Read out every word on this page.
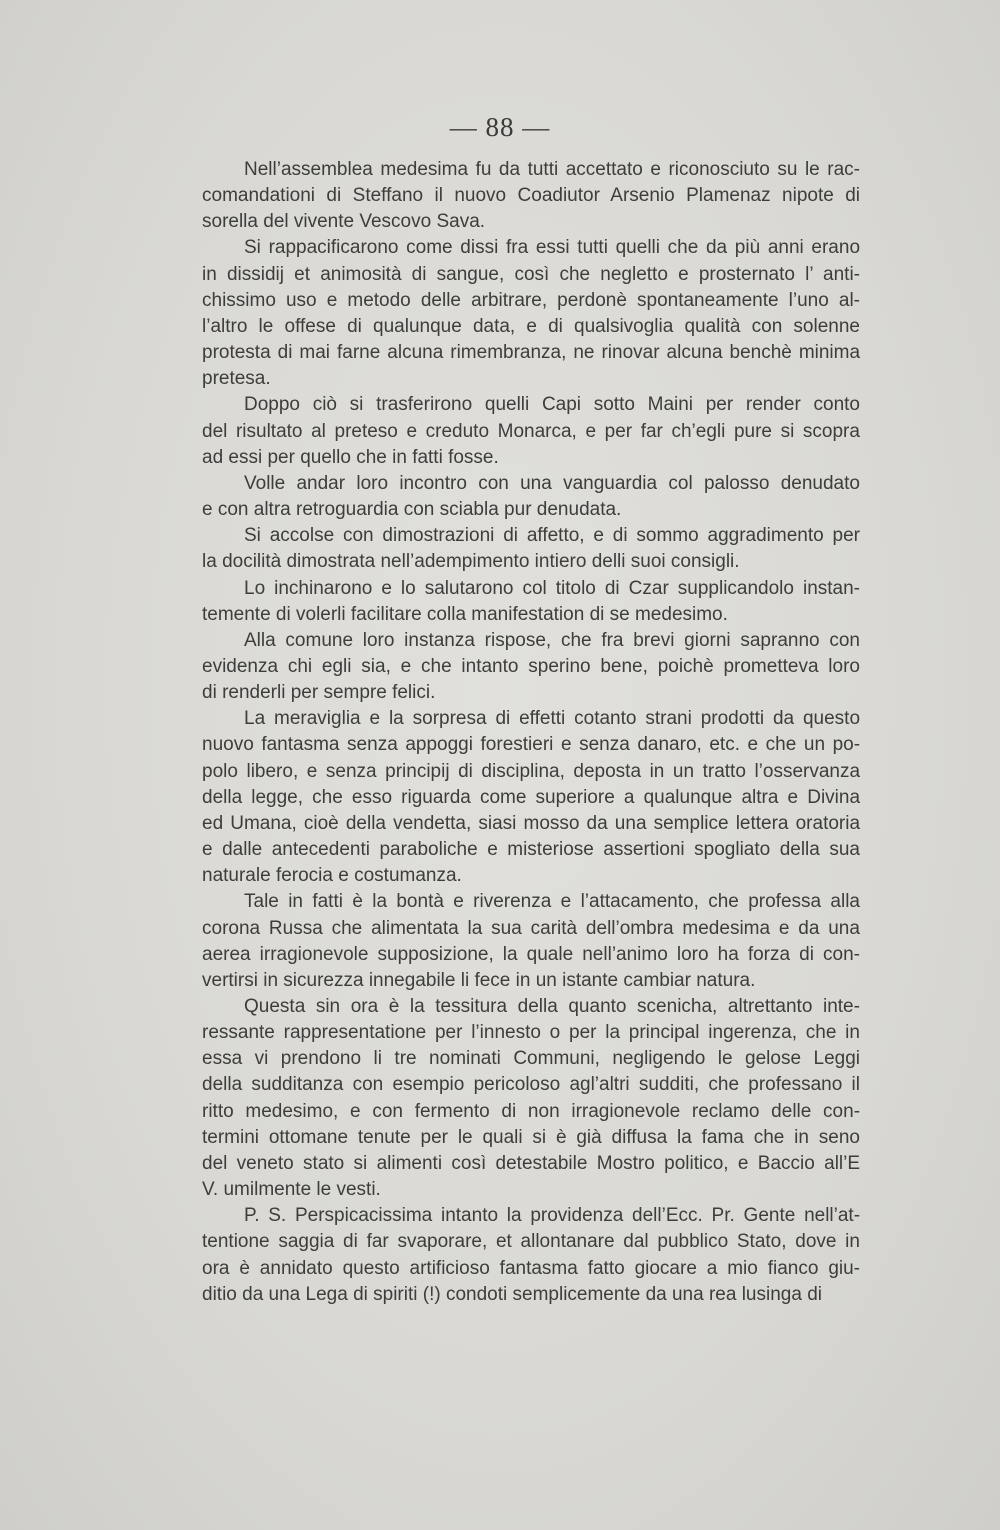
— 88 —

Nell’assemblea medesima fu da tutti accettato e riconosciuto su le rac-
comandationi di Steffano il nuovo Coadiutor Arsenio Plamenaz nipote di
sorella del vivente Vescovo Sava.

Si rappacificarono come dissi fra essi tutti quelli che da più anni erano
in dissidij et animosità di sangue, così che negletto e prosternato l’ anti-
chissimo uso e metodo delle arbitrare, perdonè spontaneamente l’uno al-
l’altro le offese di qualunque data, e di qualsivoglia qualità con solenne
protesta di mai farne alcuna rimembranza, ne rinovar alcuna benchè minima
pretesa.

Doppo ciò si trasferirono quelli Capi sotto Maini per render conto
del risultato al preteso e creduto Monarca, e per far ch’egli pure si scopra
ad essi per quello che in fatti fosse.

Volle andar loro incontro con una vanguardia col palosso denudato
e con altra retroguardia con sciabla pur denudata.

Si accolse con dimostrazioni di affetto, e di sommo aggradimento per
la docilità dimostrata nell’adempimento intiero delli suoi consigli.

Lo inchinarono e lo salutarono col titolo di Czar supplicandolo instan-
temente di volerli facilitare colla manifestation di se medesimo.

Alla comune loro instanza rispose, che fra brevi giorni sapranno con
evidenza chi egli sia, e che intanto sperino bene, poichè prometteva loro
di renderli per sempre felici.

La meraviglia e la sorpresa di effetti cotanto strani prodotti da questo
nuovo fantasma senza appoggi forestieri e senza danaro, etc. e che un po-
polo libero, e senza principij di disciplina, deposta in un tratto l’osservanza
della legge, che esso riguarda come superiore a qualunque altra e Divina
ed Umana, cioè della vendetta, siasi mosso da una semplice lettera oratoria
e dalle antecedenti paraboliche e misteriose assertioni spogliato della sua
naturale ferocia e costumanza.

Tale in fatti è la bontà e riverenza e l’attacamento, che professa alla
corona Russa che alimentata la sua carità dell’ombra medesima e da una
aerea irragionevole supposizione, la quale nell’animo loro ha forza di con-
vertirsi in sicurezza innegabile li fece in un istante cambiar natura.

Questa sin ora è la tessitura della quanto scenicha, altrettanto inte-
ressante rappresentatione per l’innesto o per la principal ingerenza, che in
essa vi prendono li tre nominati Communi, negligendo le gelose Leggi
della sudditanza con esempio pericoloso agl’altri sudditi, che professano il
ritto medesimo, e con fermento di non irragionevole reclamo delle con-
termini ottomane tenute per le quali si è già diffusa la fama che in seno
del veneto stato si alimenti così detestabile Mostro politico, e Baccio all’E
V. umilmente le vesti.

P. S. Perspicacissima intanto la providenza dell’Ecc. Pr. Gente nell’at-
tentione saggia di far svaporare, et allontanare dal pubblico Stato, dove in
ora è annidato questo artificioso fantasma fatto giocare a mio fianco giu-
ditio da una Lega di spiriti (!) condoti semplicemente da una rea lusinga di
